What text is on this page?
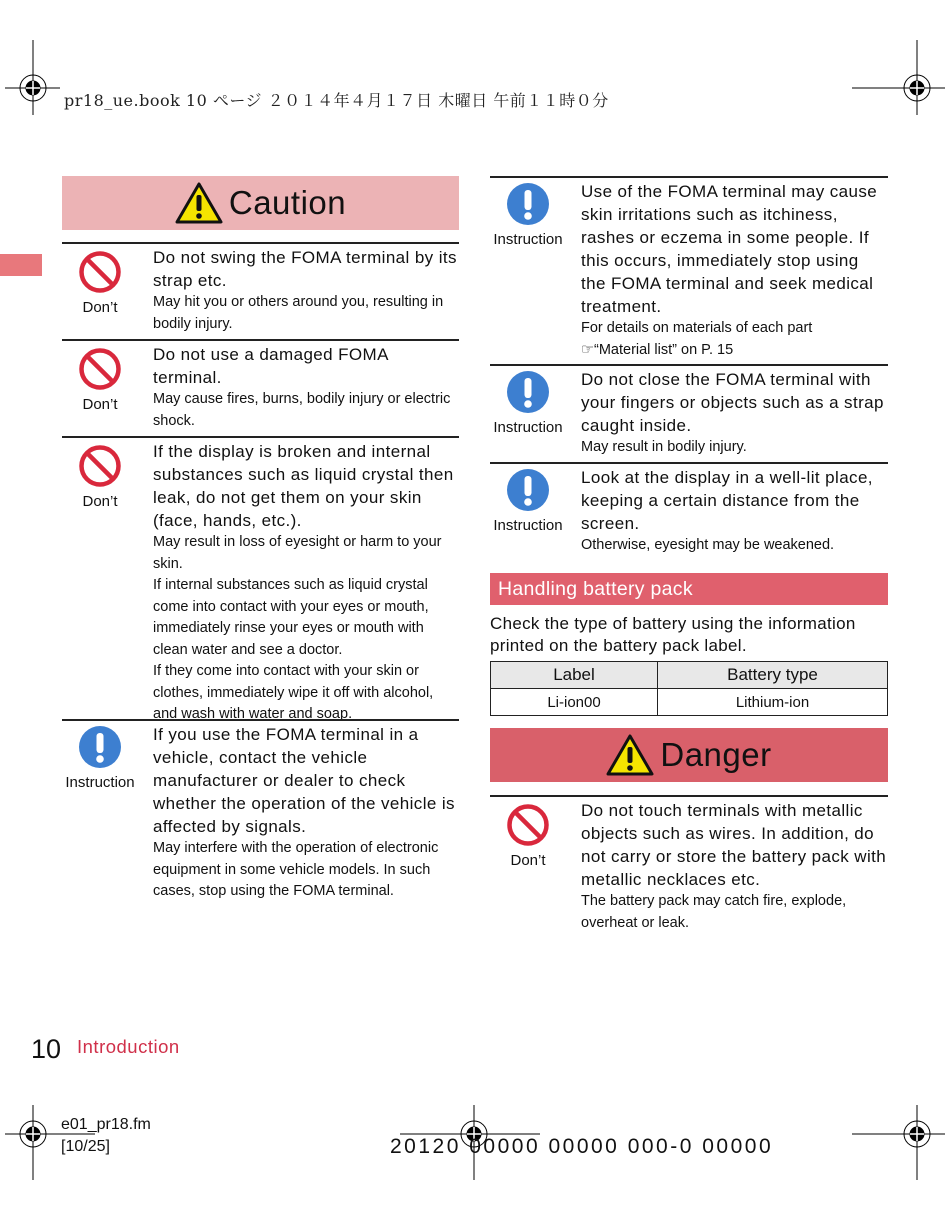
pr18_ue.book 10 ページ ２０１４年４月１７日 木曜日 午前１１時０分
Caution
Don’t
Do not swing the FOMA terminal by its strap etc.
May hit you or others around you, resulting in bodily injury.
Don’t
Do not use a damaged FOMA terminal.
May cause fires, burns, bodily injury or electric shock.
Don’t
If the display is broken and internal substances such as liquid crystal then leak, do not get them on your skin (face, hands, etc.).
May result in loss of eyesight or harm to your skin.
If internal substances such as liquid crystal come into contact with your eyes or mouth, immediately rinse your eyes or mouth with clean water and see a doctor.
If they come into contact with your skin or clothes, immediately wipe it off with alcohol, and wash with water and soap.
Instruction
If you use the FOMA terminal in a vehicle, contact the vehicle manufacturer or dealer to check whether the operation of the vehicle is affected by signals.
May interfere with the operation of electronic equipment in some vehicle models. In such cases, stop using the FOMA terminal.
Instruction
Use of the FOMA terminal may cause skin irritations such as itchiness, rashes or eczema in some people. If this occurs, immediately stop using the FOMA terminal and seek medical treatment.
For details on materials of each part
☞“Material list” on P. 15
Instruction
Do not close the FOMA terminal with your fingers or objects such as a strap caught inside.
May result in bodily injury.
Instruction
Look at the display in a well-lit place, keeping a certain distance from the screen.
Otherwise, eyesight may be weakened.
Handling battery pack
Check the type of battery using the information printed on the battery pack label.
Label	Battery type
Li-ion00	Lithium-ion
Danger
Don’t
Do not touch terminals with metallic objects such as wires. In addition, do not carry or store the battery pack with metallic necklaces etc.
The battery pack may catch fire, explode, overheat or leak.
10 Introduction
e01_pr18.fm
[10/25]	20120 00000 00000 000-0 00000
